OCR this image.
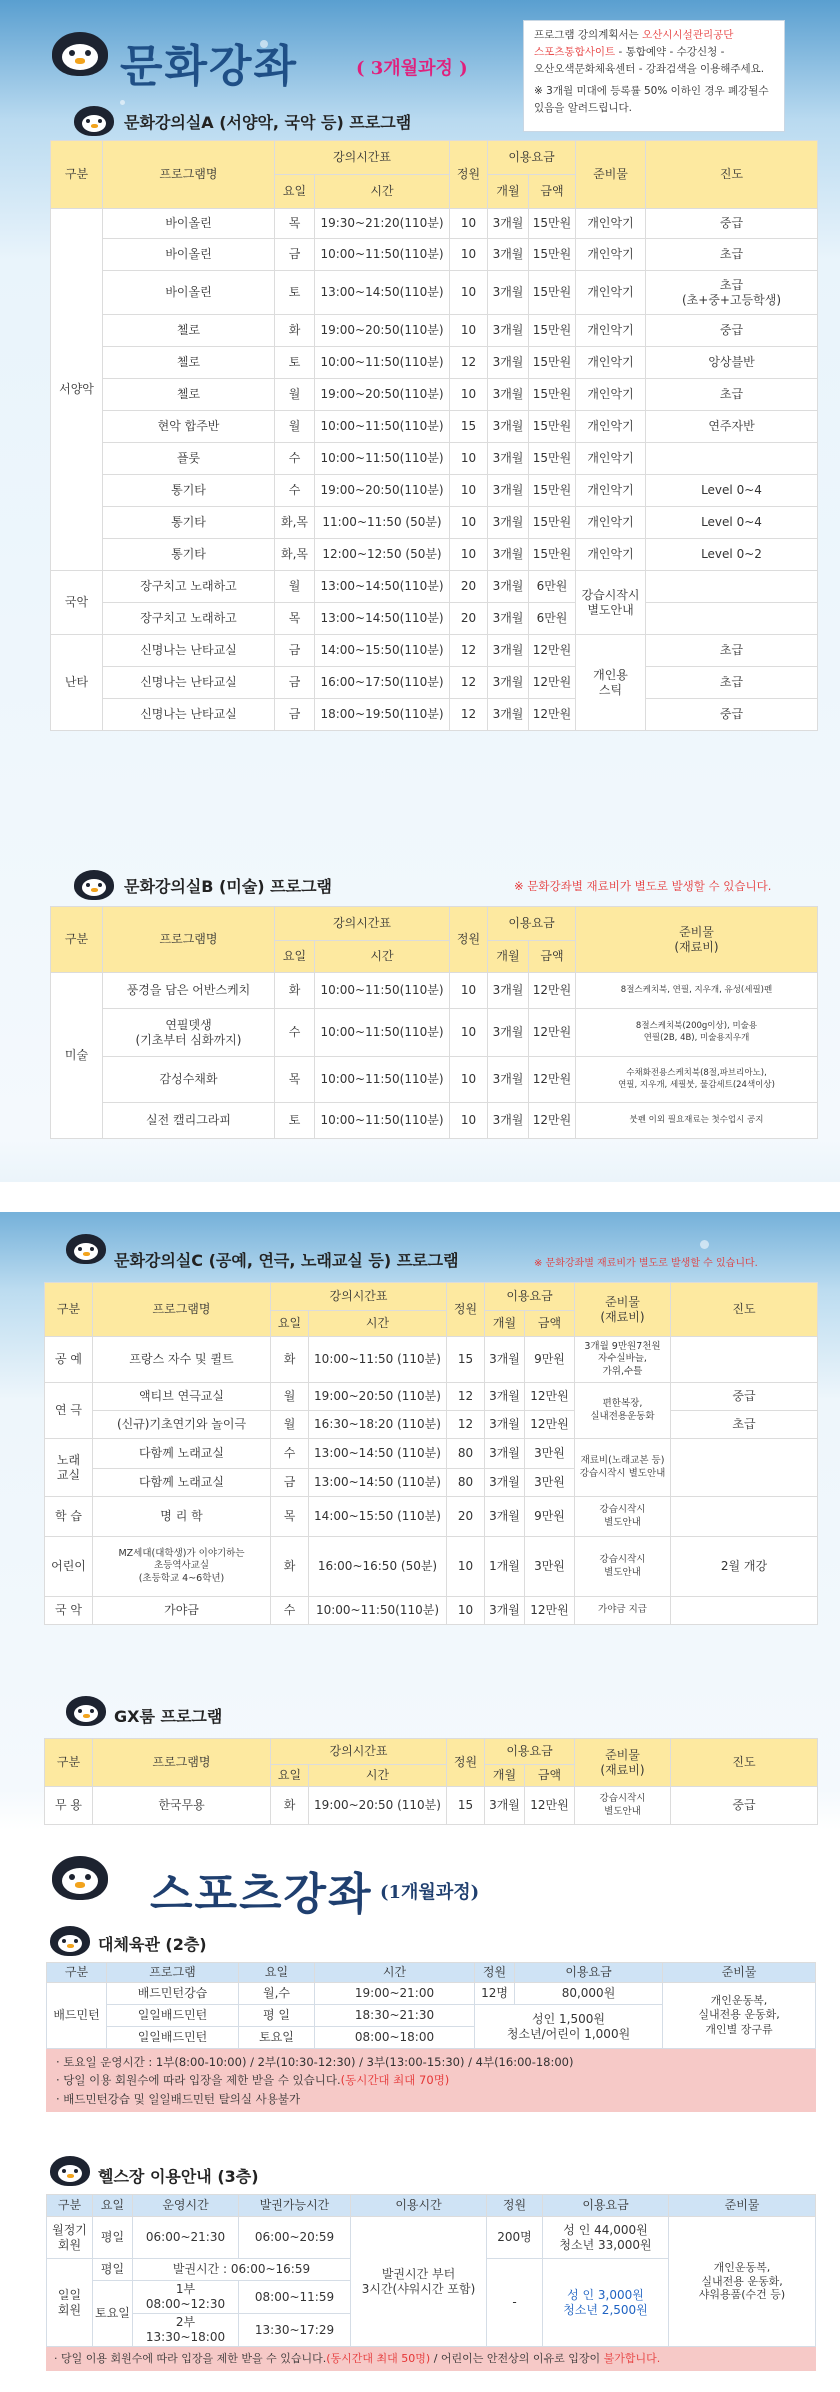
문화강좌	( 3개월과정 )
프로그램 강의계획서는 오산시시설관리공단
스포츠통합사이트 - 통합예약 - 수강신청 -
오산오색문화체육센터 - 강좌검색을 이용해주세요.
※ 3개월 미대에 등록률 50% 이하인 경우 폐강될수
있음을 알려드립니다.
문화강의실A (서양악, 국악 등) 프로그램
구분	프로그램명	강의시간표		정원	이용요금		준비물	진도
		요일	시간		개월	금액		
서양악	바이올린	목	19:30~21:20(110분)	10	3개월	15만원	개인악기	중급
	바이올린	금	10:00~11:50(110분)	10	3개월	15만원	개인악기	초급
	바이올린	토	13:00~14:50(110분)	10	3개월	15만원	개인악기	초급
(초+중+고등학생)
	첼로	화	19:00~20:50(110분)	10	3개월	15만원	개인악기	중급
	첼로	토	10:00~11:50(110분)	12	3개월	15만원	개인악기	앙상블반
	첼로	월	19:00~20:50(110분)	10	3개월	15만원	개인악기	초급
	현악 합주반	월	10:00~11:50(110분)	15	3개월	15만원	개인악기	연주자반
	플룻	수	10:00~11:50(110분)	10	3개월	15만원	개인악기	
	통기타	수	19:00~20:50(110분)	10	3개월	15만원	개인악기	Level 0~4
	통기타	화,목	11:00~11:50 (50분)	10	3개월	15만원	개인악기	Level 0~4
	통기타	화,목	12:00~12:50 (50분)	10	3개월	15만원	개인악기	Level 0~2
국악	장구치고 노래하고	월	13:00~14:50(110분)	20	3개월	6만원	강습시작시
별도안내	
	장구치고 노래하고	목	13:00~14:50(110분)	20	3개월	6만원		
난타	신명나는 난타교실	금	14:00~15:50(110분)	12	3개월	12만원	개인용
스틱	초급
	신명나는 난타교실	금	16:00~17:50(110분)	12	3개월	12만원		초급
	신명나는 난타교실	금	18:00~19:50(110분)	12	3개월	12만원		중급
문화강의실B (미술) 프로그램	※ 문화강좌별 재료비가 별도로 발생할 수 있습니다.
구분	프로그램명	강의시간표		정원	이용요금		준비물
(재료비)
		요일	시간		개월	금액	
미술	풍경을 담은 어반스케치	화	10:00~11:50(110분)	10	3개월	12만원	8절스케치북, 연필, 지우개, 유성(세필)펜
	연필뎃생
(기초부터 심화까지)	수	10:00~11:50(110분)	10	3개월	12만원	8절스케치북(200g이상), 미술용
연필(2B, 4B), 미술용지우개
	감성수채화	목	10:00~11:50(110분)	10	3개월	12만원	수채화전용스케치북(8절,파브리아노),
연필, 지우개, 세필붓, 물감세트(24색이상)
	실전 캘리그라피	토	10:00~11:50(110분)	10	3개월	12만원	붓펜 이외 필요재료는 첫수업시 공지
문화강의실C (공예, 연극, 노래교실 등) 프로그램	※ 문화강좌별 재료비가 별도로 발생할 수 있습니다.
구분	프로그램명	강의시간표		정원	이용요금		준비물
(재료비)	진도
		요일	시간		개월	금액		
공 예	프랑스 자수 및 퀼트	화	10:00~11:50 (110분)	15	3개월	9만원	3개월 9만원7천원
자수실바늘,
가위,수틀	
연 극	액티브 연극교실	월	19:00~20:50 (110분)	12	3개월	12만원	편한복장,
실내전용운동화	중급
	(신규)기초연기와 놀이극	월	16:30~18:20 (110분)	12	3개월	12만원		초급
노래
교실	다함께 노래교실	수	13:00~14:50 (110분)	80	3개월	3만원	재료비(노래교본 등)
강습시작시 별도안내	
	다함께 노래교실	금	13:00~14:50 (110분)	80	3개월	3만원		
학 습	명 리 학	목	14:00~15:50 (110분)	20	3개월	9만원	강습시작시
별도안내	
어린이	MZ세대(대학생)가 이야기하는
초등역사교실
(초등학교 4~6학년)	화	16:00~16:50 (50분)	10	1개월	3만원	강습시작시
별도안내	2월 개강
국 악	가야금	수	10:00~11:50(110분)	10	3개월	12만원	가야금 지급	
GX룸 프로그램
구분	프로그램명	강의시간표		정원	이용요금		준비물
(재료비)	진도
		요일	시간		개월	금액		
무 용	한국무용	화	19:00~20:50 (110분)	15	3개월	12만원	강습시작시
별도안내	중급
스포츠강좌 (1개월과정)
대체육관 (2층)
구분	프로그램	요일	시간	정원	이용요금	준비물
배드민턴	배드민턴강습	월,수	19:00~21:00	12명	80,000원	개인운동복,
실내전용 운동화,
개인별 장구류
	일일배드민턴	평 일	18:30~21:30	성인 1,500원
청소년/어린이 1,000원		
	일일배드민턴	토요일	08:00~18:00			
· 토요일 운영시간 : 1부(8:00-10:00) / 2부(10:30-12:30) / 3부(13:00-15:30) / 4부(16:00-18:00)
· 당일 이용 회원수에 따라 입장을 제한 받을 수 있습니다.(동시간대 최대 70명)
· 배드민턴강습 및 일일배드민턴 탈의실 사용불가
헬스장 이용안내 (3층)
구분	요일	운영시간	발권가능시간	이용시간	정원	이용요금	준비물
월정기
회원	평일	06:00~21:30	06:00~20:59	발권시간 부터
3시간(샤워시간 포함)	200명	성 인 44,000원
청소년 33,000원	개인운동복,
실내전용 운동화,
샤워용품(수건 등)
일일
회원	평일	발권시간 : 06:00~16:59			-	성 인 3,000원
청소년 2,500원	
	토요일	1부 08:00~12:30	08:00~11:59				
		2부 13:30~18:00	13:30~17:29				
· 당일 이용 회원수에 따라 입장을 제한 받을 수 있습니다.(동시간대 최대 50명) / 어린이는 안전상의 이유로 입장이 불가합니다.
